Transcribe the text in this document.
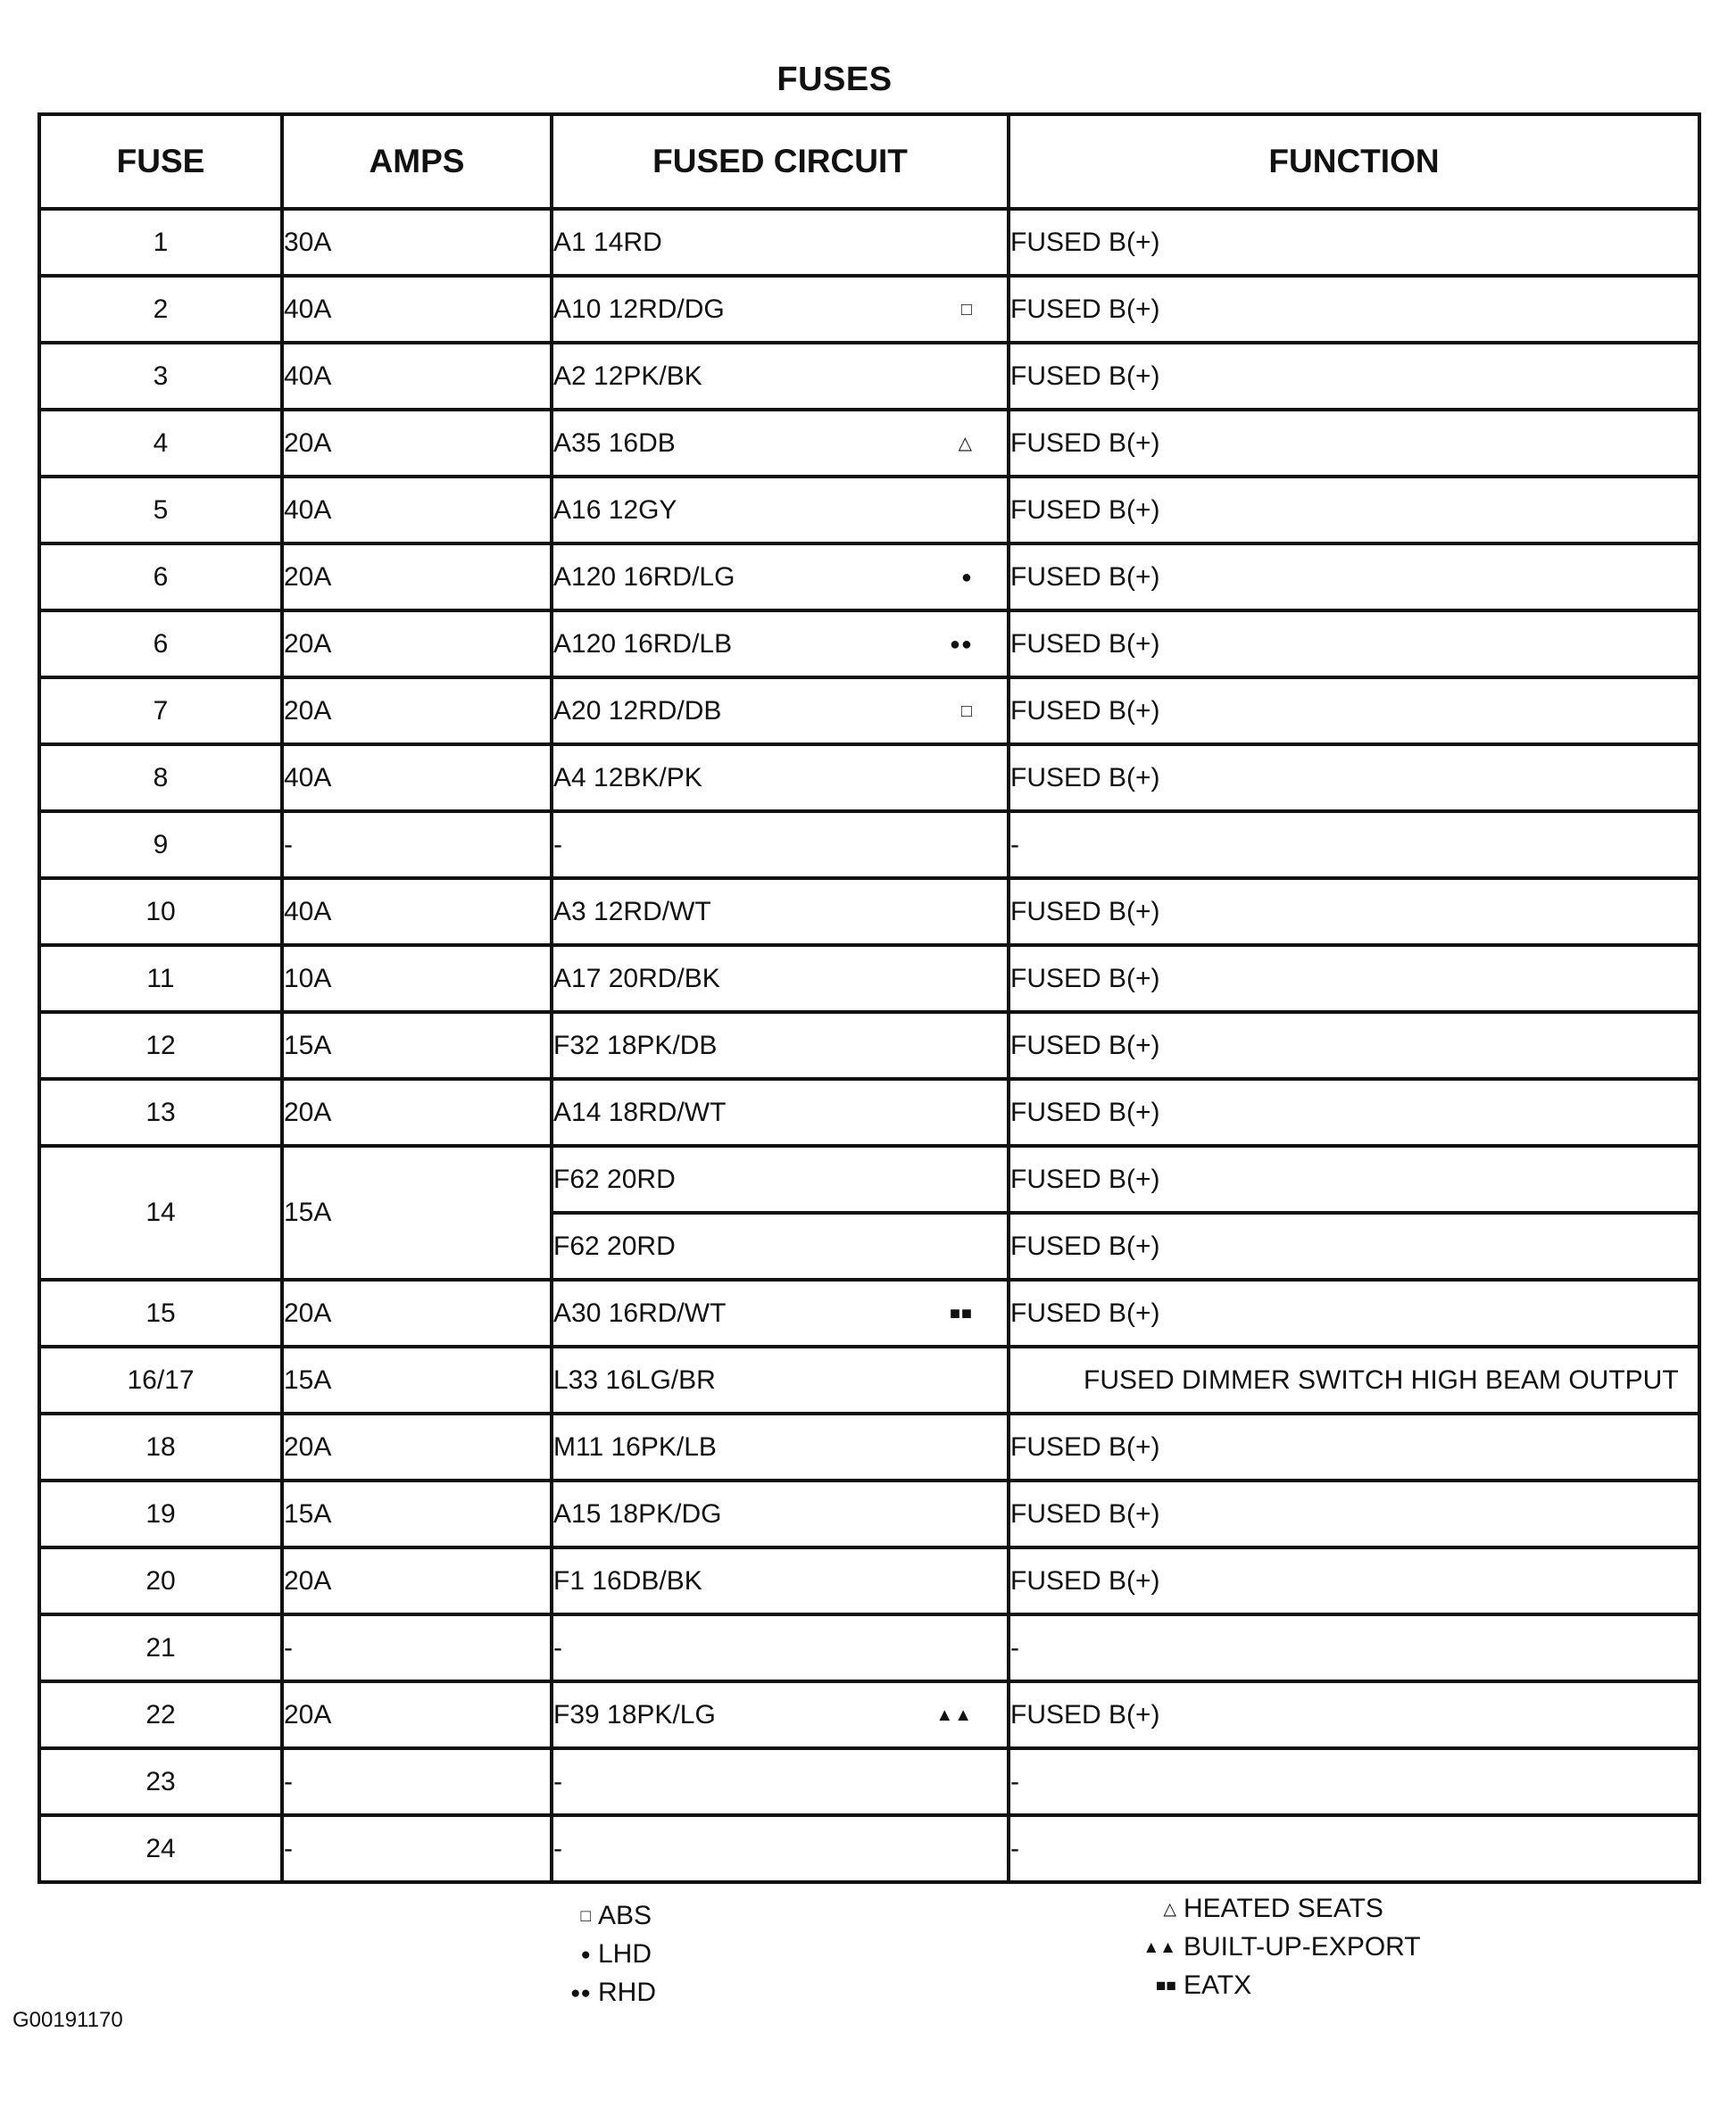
FUSES
FUSE	AMPS	FUSED CIRCUIT	FUNCTION
1	30A	A1 14RD	FUSED B(+)
2	40A	A10 12RD/DG □	FUSED B(+)
3	40A	A2 12PK/BK	FUSED B(+)
4	20A	A35 16DB △	FUSED B(+)
5	40A	A16 12GY	FUSED B(+)
6	20A	A120 16RD/LG ●	FUSED B(+)
6	20A	A120 16RD/LB ●●	FUSED B(+)
7	20A	A20 12RD/DB □	FUSED B(+)
8	40A	A4 12BK/PK	FUSED B(+)
9	-	-	-
10	40A	A3 12RD/WT	FUSED B(+)
11	10A	A17 20RD/BK	FUSED B(+)
12	15A	F32 18PK/DB	FUSED B(+)
13	20A	A14 18RD/WT	FUSED B(+)
14	15A	F62 20RD	FUSED B(+)
		F62 20RD	FUSED B(+)
15	20A	A30 16RD/WT ■■	FUSED B(+)
16/17	15A	L33 16LG/BR	FUSED DIMMER SWITCH HIGH BEAM OUTPUT
18	20A	M11 16PK/LB	FUSED B(+)
19	15A	A15 18PK/DG	FUSED B(+)
20	20A	F1 16DB/BK	FUSED B(+)
21	-	-	-
22	20A	F39 18PK/LG ▲▲	FUSED B(+)
23	-	-	-
24	-	-	-
□ ABS
● LHD
●● RHD
△ HEATED SEATS
▲▲ BUILT-UP-EXPORT
■■ EATX
G00191170
